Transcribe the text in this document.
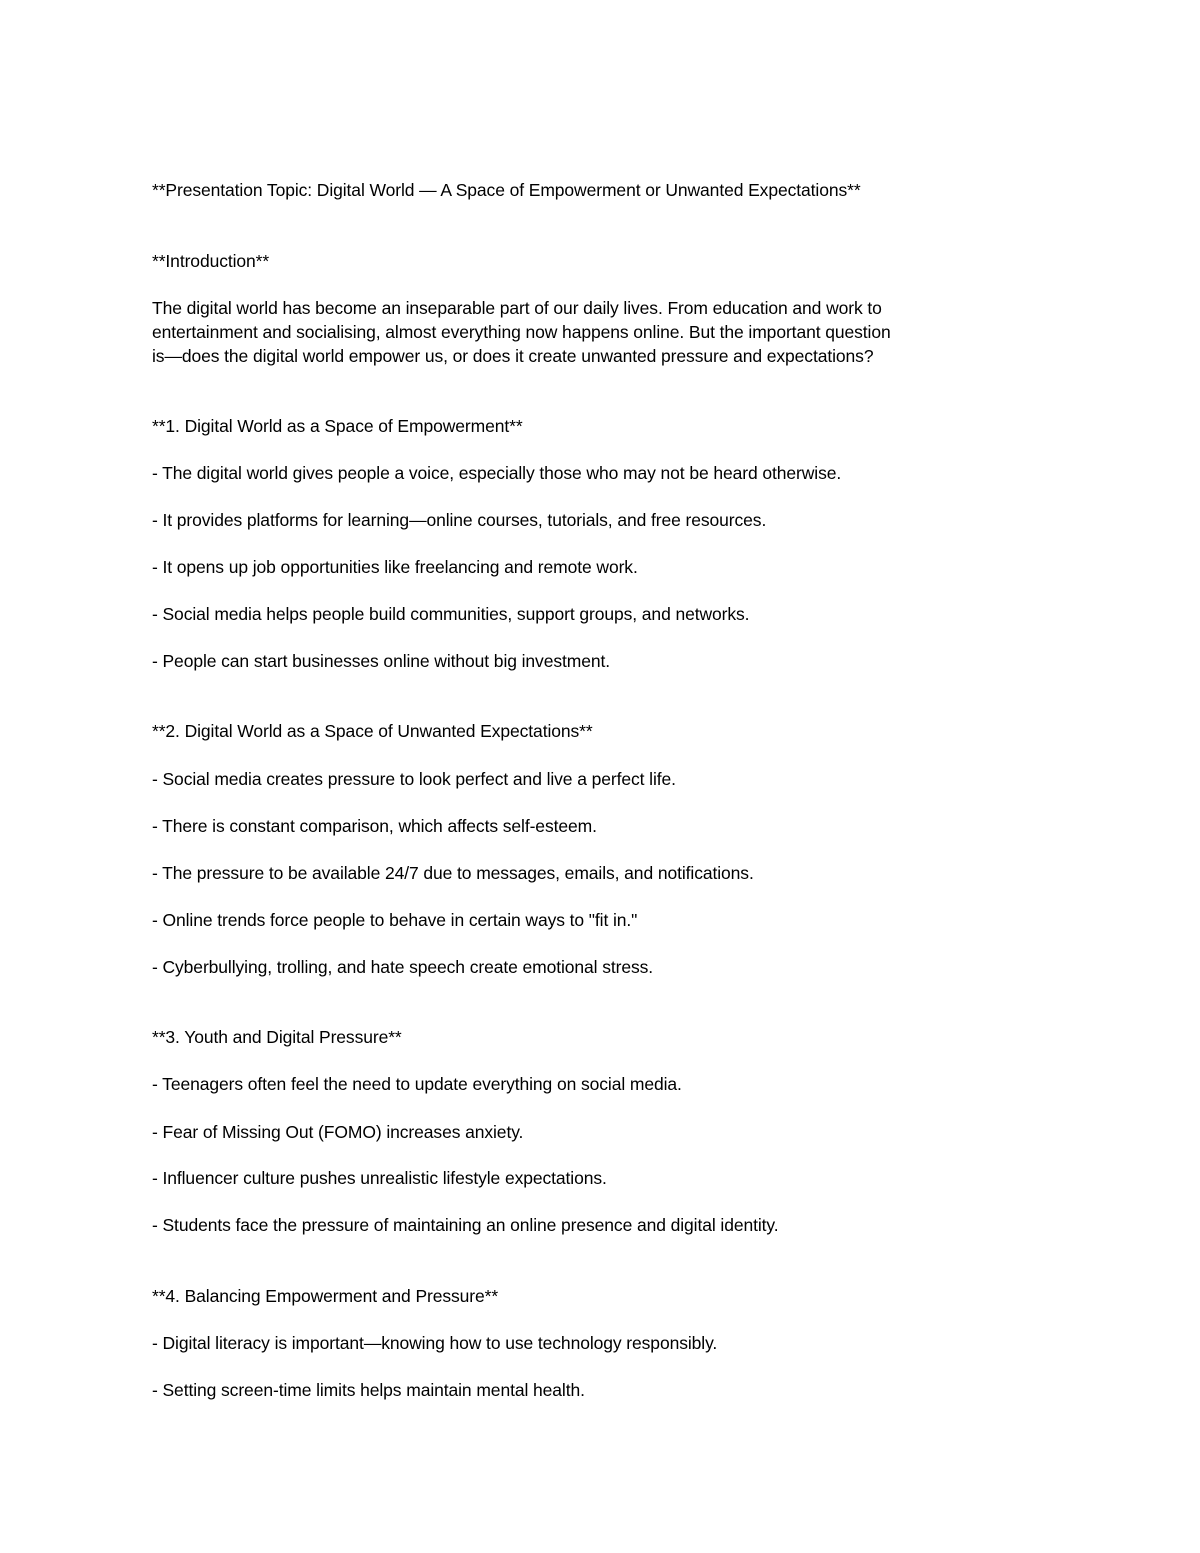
**Presentation Topic: Digital World — A Space of Empowerment or Unwanted Expectations**
**Introduction**
The digital world has become an inseparable part of our daily lives. From education and work to
entertainment and socialising, almost everything now happens online. But the important question
is—does the digital world empower us, or does it create unwanted pressure and expectations?
**1. Digital World as a Space of Empowerment**
- The digital world gives people a voice, especially those who may not be heard otherwise.
- It provides platforms for learning—online courses, tutorials, and free resources.
- It opens up job opportunities like freelancing and remote work.
- Social media helps people build communities, support groups, and networks.
- People can start businesses online without big investment.
**2. Digital World as a Space of Unwanted Expectations**
- Social media creates pressure to look perfect and live a perfect life.
- There is constant comparison, which affects self-esteem.
- The pressure to be available 24/7 due to messages, emails, and notifications.
- Online trends force people to behave in certain ways to "fit in."
- Cyberbullying, trolling, and hate speech create emotional stress.
**3. Youth and Digital Pressure**
- Teenagers often feel the need to update everything on social media.
- Fear of Missing Out (FOMO) increases anxiety.
- Influencer culture pushes unrealistic lifestyle expectations.
- Students face the pressure of maintaining an online presence and digital identity.
**4. Balancing Empowerment and Pressure**
- Digital literacy is important—knowing how to use technology responsibly.
- Setting screen-time limits helps maintain mental health.
